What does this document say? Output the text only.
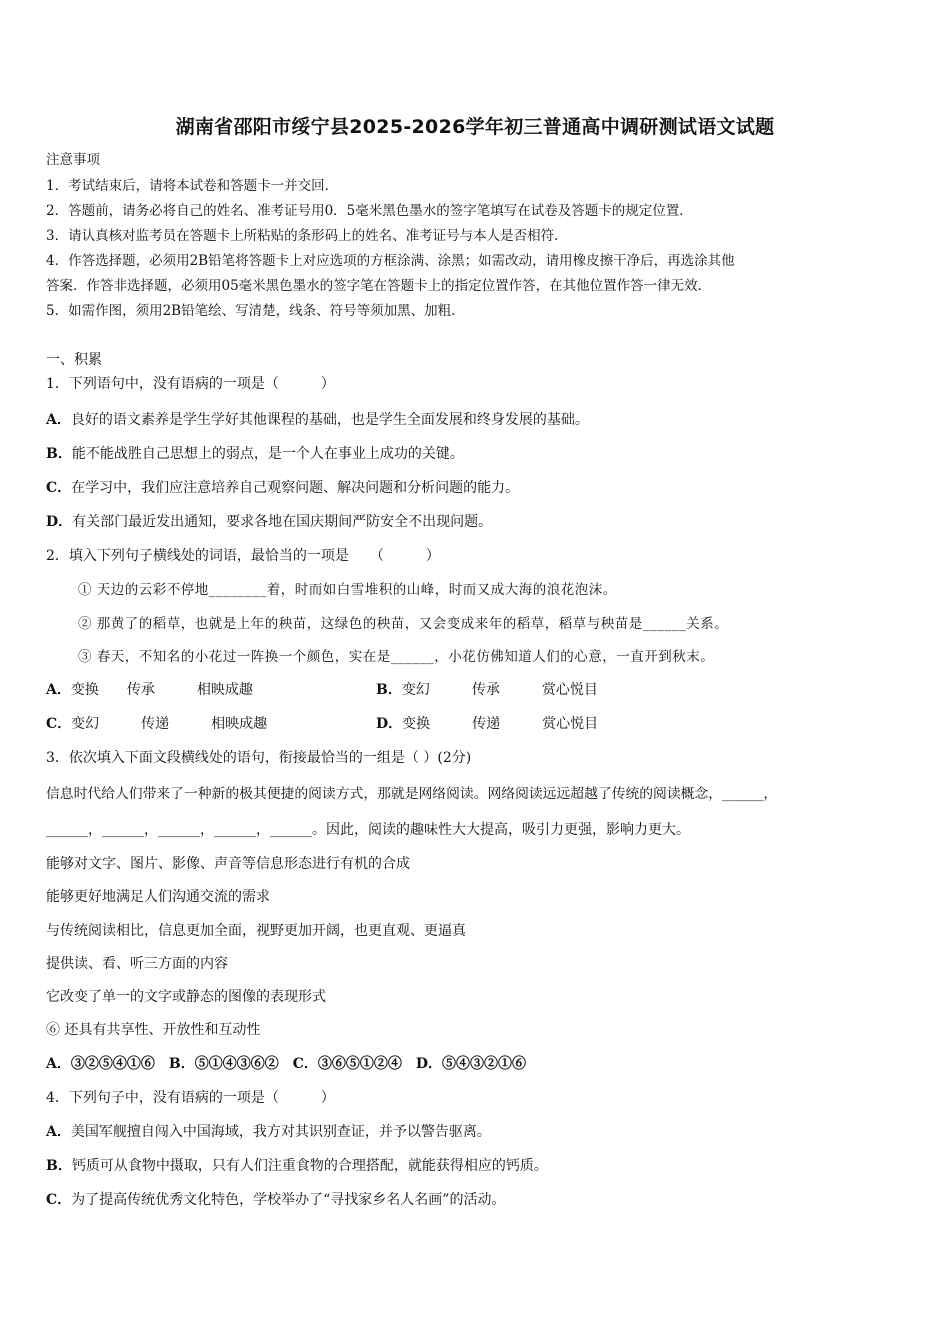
湖南省邵阳市绥宁县2025-2026学年初三普通高中调研测试语文试题
注意事项
1．考试结束后，请将本试卷和答题卡一并交回．
2．答题前，请务必将自己的姓名、准考证号用0．5毫米黑色墨水的签字笔填写在试卷及答题卡的规定位置．
3．请认真核对监考员在答题卡上所粘贴的条形码上的姓名、准考证号与本人是否相符．
4．作答选择题，必须用2B铅笔将答题卡上对应选项的方框涂满、涂黑；如需改动，请用橡皮擦干净后，再选涂其他
答案．作答非选择题，必须用05毫米黑色墨水的签字笔在答题卡上的指定位置作答，在其他位置作答一律无效．
5．如需作图，须用2B铅笔绘、写清楚，线条、符号等须加黑、加粗．
一、积累
1．下列语句中，没有语病的一项是（　　　）
A．良好的语文素养是学生学好其他课程的基础，也是学生全面发展和终身发展的基础。
B．能不能战胜自己思想上的弱点，是一个人在事业上成功的关键。
C．在学习中，我们应注意培养自己观察问题、解决问题和分析问题的能力。
D．有关部门最近发出通知，要求各地在国庆期间严防安全不出现问题。
2．填入下列句子横线处的词语，最恰当的一项是　　（　　　）
① 天边的云彩不停地________着，时而如白雪堆积的山峰，时而又成大海的浪花泡沫。
② 那黄了的稻草，也就是上年的秧苗，这绿色的秧苗，又会变成来年的稻草，稻草与秧苗是______关系。
③ 春天，不知名的小花过一阵换一个颜色，实在是______，小花仿佛知道人们的心意，一直开到秋末。
A．变换　　传承　　　相映成趣	B．变幻　　　传承　　　赏心悦目
C．变幻　　　传递　　　相映成趣	D．变换　　　传递　　　赏心悦目
3．依次填入下面文段横线处的语句，衔接最恰当的一组是（ ）(2分)
信息时代给人们带来了一种新的极其便捷的阅读方式，那就是网络阅读。网络阅读远远超越了传统的阅读概念，______，
______，______，______，______，______。因此，阅读的趣味性大大提高，吸引力更强，影响力更大。
能够对文字、图片、影像、声音等信息形态进行有机的合成
能够更好地满足人们沟通交流的需求
与传统阅读相比，信息更加全面，视野更加开阔，也更直观、更逼真
提供读、看、听三方面的内容
它改变了单一的文字或静态的图像的表现形式
⑥ 还具有共享性、开放性和互动性
A．③②⑤④①⑥　B．⑤①④③⑥②　C．③⑥⑤①②④　D．⑤④③②①⑥
4．下列句子中，没有语病的一项是（　　　）
A．美国军舰擅自闯入中国海域，我方对其识别查证，并予以警告驱离。
B．钙质可从食物中摄取，只有人们注重食物的合理搭配，就能获得相应的钙质。
C．为了提高传统优秀文化特色，学校举办了“寻找家乡名人名画”的活动。
